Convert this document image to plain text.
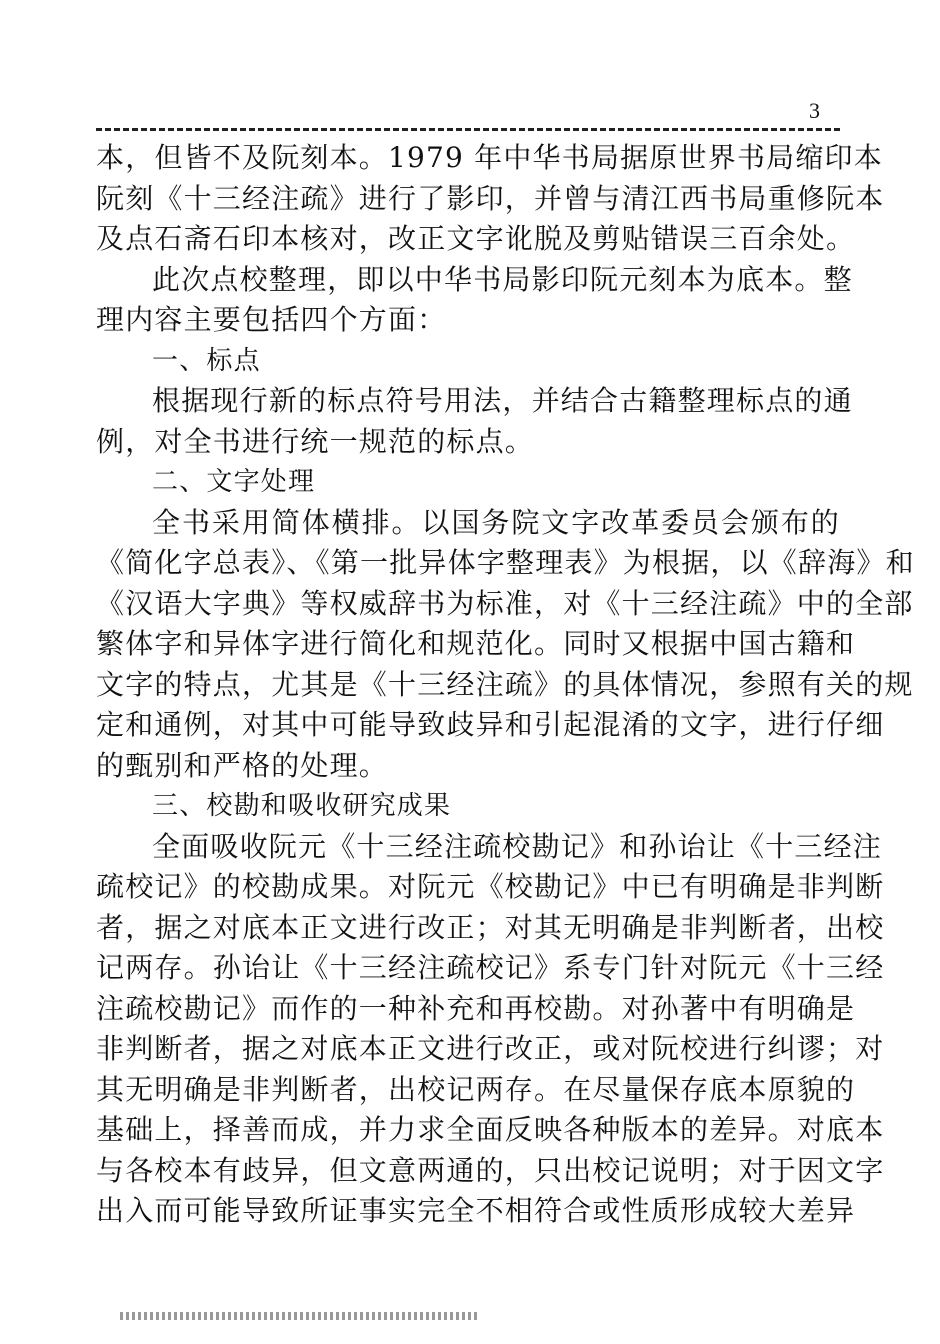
3
本，但皆不及阮刻本。1979 年中华书局据原世界书局缩印本
阮刻《十三经注疏》进行了影印，并曾与清江西书局重修阮本
及点石斋石印本核对，改正文字讹脱及剪贴错误三百余处。
此次点校整理，即以中华书局影印阮元刻本为底本。整
理内容主要包括四个方面：
一、标点
根据现行新的标点符号用法，并结合古籍整理标点的通
例，对全书进行统一规范的标点。
二、文字处理
全书采用简体横排。以国务院文字改革委员会颁布的
《简化字总表》、《第一批异体字整理表》为根据，以《辞海》和
《汉语大字典》等权威辞书为标准，对《十三经注疏》中的全部
繁体字和异体字进行简化和规范化。同时又根据中国古籍和
文字的特点，尤其是《十三经注疏》的具体情况，参照有关的规
定和通例，对其中可能导致歧异和引起混淆的文字，进行仔细
的甄别和严格的处理。
三、校勘和吸收研究成果
全面吸收阮元《十三经注疏校勘记》和孙诒让《十三经注
疏校记》的校勘成果。对阮元《校勘记》中已有明确是非判断
者，据之对底本正文进行改正；对其无明确是非判断者，出校
记两存。孙诒让《十三经注疏校记》系专门针对阮元《十三经
注疏校勘记》而作的一种补充和再校勘。对孙著中有明确是
非判断者，据之对底本正文进行改正，或对阮校进行纠谬；对
其无明确是非判断者，出校记两存。在尽量保存底本原貌的
基础上，择善而成，并力求全面反映各种版本的差异。对底本
与各校本有歧异，但文意两通的，只出校记说明；对于因文字
出入而可能导致所证事实完全不相符合或性质形成较大差异
